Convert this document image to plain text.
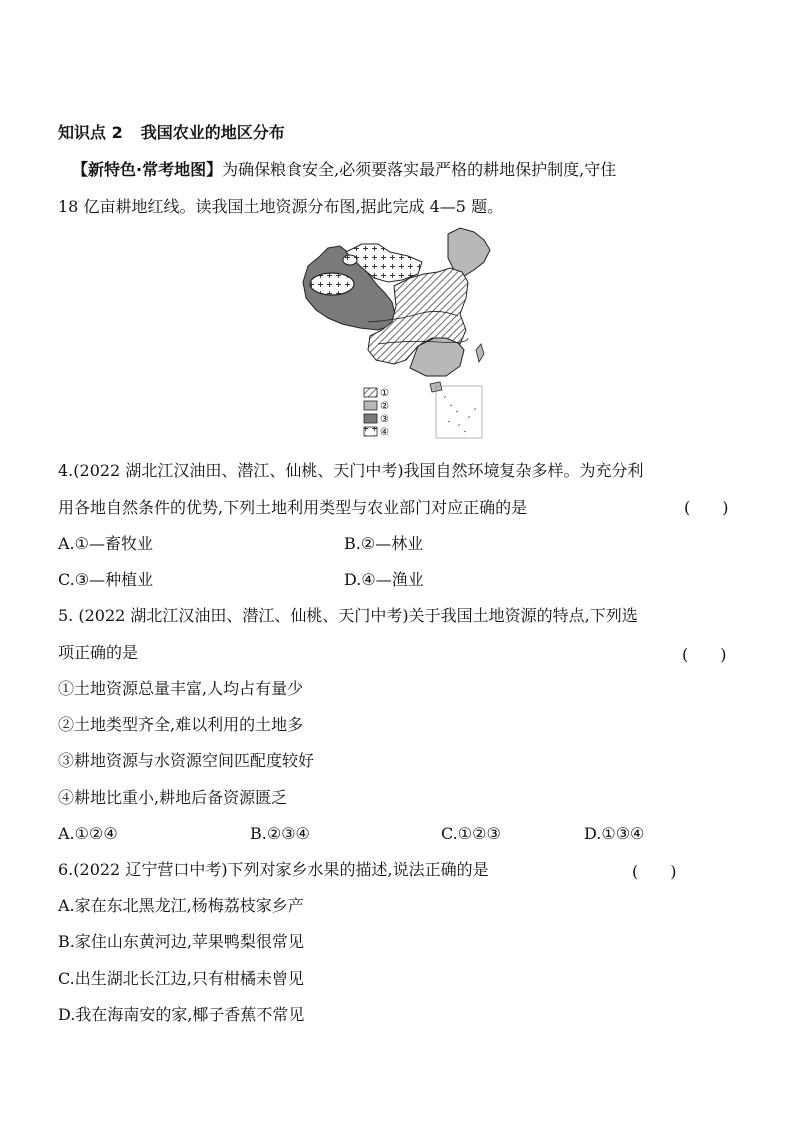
知识点 2 我国农业的地区分布
【新特色·常考地图】为确保粮食安全,必须要落实最严格的耕地保护制度,守住
18 亿亩耕地红线。读我国土地资源分布图,据此完成 4—5 题。
①
②
③
④
4.(2022 湖北江汉油田、潜江、仙桃、天门中考)我国自然环境复杂多样。为充分利
用各地自然条件的优势,下列土地利用类型与农业部门对应正确的是	(　　)
A.①—畜牧业	B.②—林业
C.③—种植业	D.④—渔业
5. (2022 湖北江汉油田、潜江、仙桃、天门中考)关于我国土地资源的特点,下列选
项正确的是	(　　)
①土地资源总量丰富,人均占有量少
②土地类型齐全,难以利用的土地多
③耕地资源与水资源空间匹配度较好
④耕地比重小,耕地后备资源匮乏
A.①②④	B.②③④	C.①②③	D.①③④
6.(2022 辽宁营口中考)下列对家乡水果的描述,说法正确的是	(　　)
A.家在东北黑龙江,杨梅荔枝家乡产
B.家住山东黄河边,苹果鸭梨很常见
C.出生湖北长江边,只有柑橘未曾见
D.我在海南安的家,椰子香蕉不常见
